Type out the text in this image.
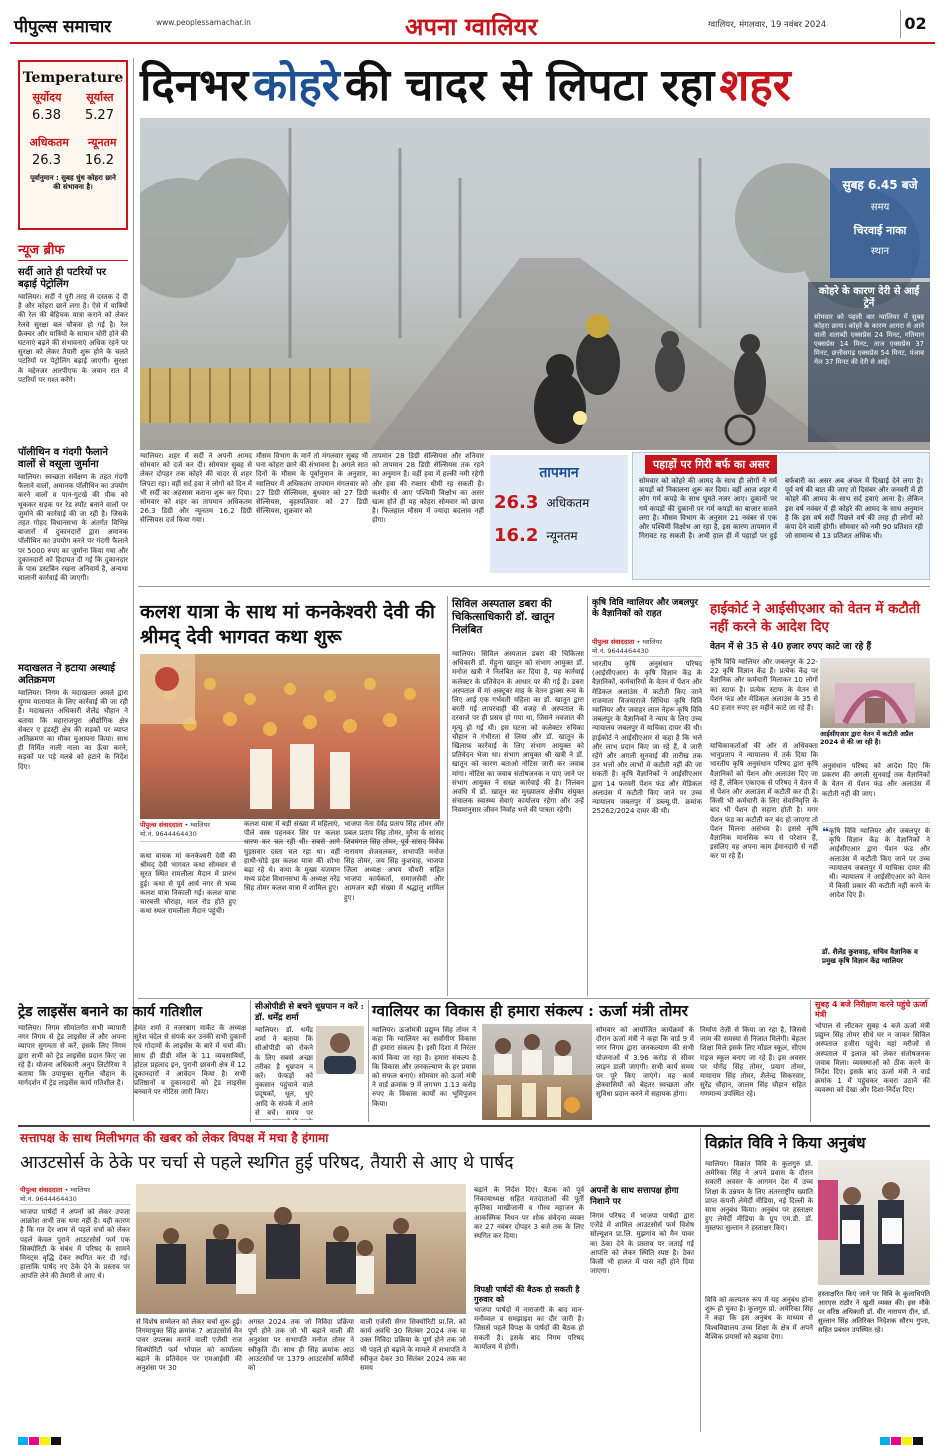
पीपुल्स समाचार	www.peoplessamachar.in	अपना ग्वालियर	ग्वालियर, मंगलवार, 19 नवंबर 2024	02
Temperature
सूर्योदय सूर्यास्त
6.38 5.27
अधिकतम न्यूनतम
26.3 16.2
पूर्वानुमान : सुबह धुंध कोहरा छाने की संभावना है।
न्यूज ब्रीफ
सर्दी आते ही पटरियों पर बढ़ाई पेट्रोलिंग
ग्वालियर। सर्दी ने पूरी तरह से दस्तक दे दी है और कोहरा छाने लगा है। ऐसे में यात्रियों की रेल की बेहिचक यात्रा कराने को लेकर रेलवे सुरक्षा बल चौकस हो गई है। रेल फ्रैक्चर और यात्रियों के सामान चोरी होने की घटनाएं बढ़ने की संभावनाएं अधिक रहने पर सुरक्षा को लेकर तैयारी शुरू होने के चलते पटरियों पर पेट्रोलिंग बढ़ाई जाएगी। सुरक्षा के मद्देनजर आरपीएफ के जवान रात में पटरियों पर गश्त करेंगे।
पॉलीथिन व गंदगी फैलाने वालों से वसूला जुर्माना
ग्वालियर। स्वच्छता सर्वेक्षण के तहत गंदगी फैलाने वालों, अमानक पॉलीथिन का उपयोग करने वालों व पान-गुटखे की पीक को थूककर सड़क पर रेड स्पॉट बनाने वालों पर जुर्माने की कार्रवाई की जा रही है। जिसके तहत गोहद विधानसभा के अंतर्गत विभिन्न बाजारों में दुकानदारों द्वारा अमानक पॉलीथिन का उपयोग करने पर गंदगी फैलाने पर 5000 रुपए का जुर्माना किया गया और दुकानदारों को हिदायत दी गई कि दुकानदार के पास डस्टबिन रखना अनिवार्य है, अन्यथा चालानी कार्रवाई की जाएगी।
मदाखलत ने हटाया अस्थाई अतिक्रमण
ग्वालियर। निगम के मदाखलत अमले द्वारा सुगम यातायात के लिए कार्रवाई की जा रही है। मदाखलत अधिकारी शैलेंद्र चौहान ने बताया कि महाराजपुरा औद्योगिक क्षेत्र सेक्टर ए इंडस्ट्री क्षेत्र की सड़कों पर व्याप्त अतिक्रमण का मौका मुआयना किया। साथ ही निर्मित नाली नाला का ऊँचा करने, सड़कों पर पड़े मलबे को हटाने के निर्देश दिए।
दिनभर कोहरे की चादर से लिपटा रहा शहर
सुबह 6.45 बजे
समय
चिरवाई नाका
स्थान
कोहरे के कारण देरी से आईं ट्रेनें
सोमवार को पहली बार ग्वालियर में सुबह कोहरा छाया। कोहरे के कारण आगरा से आने वाली शताब्दी एक्सप्रेस 24 मिनट, गतिमान एक्सप्रेस 14 मिनट, ताज एक्सप्रेस 37 मिनट, छत्तीसगढ़ एक्सप्रेस 54 मिनट, पंजाब मेल 37 मिनट की देरी से आई।
ग्वालियर। शहर में सर्दी ने अपनी आमद सोमवार को दर्ज कर दी। सोमवार सुबह से लेकर दोपहर तक कोहरे की चादर से शहर लिपटा रहा। वहीं सर्द हवा ने लोगों को दिन में भी सर्दी का अहसास कराना शुरू कर दिया। सोमवार को शहर का तापमान अधिकतम 26.3 डिग्री और न्यूनतम 16.2 डिग्री सेल्सियस दर्ज किया गया।
मौसम विभाग के मानें तो मंगलवार सुबह भी घना कोहरा छाने की संभावना है। अगले सात दिनों के मौसम के पूर्वानुमान के अनुसार, ग्वालियर में अधिकतम तापमान मंगलवार को 27 डिग्री सेल्सियस, बुधवार को 27 डिग्री सेल्सियस, बृहस्पतिवार को 27 डिग्री सेल्सियस, शुक्रवार को
तापमान 28 डिग्री सेल्सियस और शनिवार को तापमान 28 डिग्री सेल्सियस तक रहने का अनुमान है। वहीं हवा में हल्की नमी रहेगी और हवा की रफ्तार धीमी रह सकती है। कश्मीर से आए पश्चिमी विक्षोभ का असर खत्म होते ही यह कोहरा सोमवार को छाया है। फिलहाल मौसम में ज्यादा बदलाव नहीं होगा।
तापमान
26.3 अधिकतम
16.2 न्यूनतम
पहाड़ों पर गिरी बर्फ का असर
सोमवार को कोहरे की आमद के साथ ही लोगों ने गर्म कपड़ों को निकालना शुरू कर दिया। वहीं आज शहर में लोग गर्म कपड़े के साथ घूमते नजर आए। दुकानों पर गर्म कपड़ों की दुकानों पर गर्म कपड़ों का बाजार सजने लगा है। मौसम विभाग के अनुसार 21 नवंबर से एक और पश्चिमी विक्षोभ आ रहा है, इस कारण तापमान में गिरावट रह सकती है। अभी हाल ही में पहाड़ों पर हुई बर्फबारी का असर अब अंचल में दिखाई देने लगा है। पूर्व वर्ष की बात की जाए तो दिसंबर और जनवरी में ही कोहरे की आमद के साथ सर्द हवाएं आना है। लेकिन इस वर्ष नवंबर में ही कोहरे की आमद के साथ अनुमान है कि इस वर्ष सर्दी पिछले वर्ष की तरह ही लोगों को कंपा देने वाली होगी। सोमवार को नमी 90 प्रतिशत रही जो सामान्य से 13 प्रतिशत अधिक थी।
कलश यात्रा के साथ मां कनकेश्वरी देवी की श्रीमद् देवी भागवत कथा शुरू
पीपुल्स संवाददाता • ग्वालियर
मो.नं. 9644464430
कथा वाचक मां कनकेश्वरी देवी की श्रीमद् देवी भागवत कथा सोमवार से सूरत स्थित रामलीला मैदान में प्रारंभ हुई। कथा से पूर्व आर्य नगर से भव्य कलश यात्रा निकाली गई। कलश यात्रा चारबत्ती चौराहा, माल रोड होते हुए कथा स्थल रामलीला मैदान पहुंची।
कलश यात्रा में बड़ी संख्या में महिलाएं, पीले वस्त्र पहनकर सिर पर कलश धारण कर चल रही थीं। सबसे आगे घुड़सवार दस्ता चल रहा था। वहीं हाथी-घोड़े इस कलश यात्रा की शोभा बढ़ा रहे थे। कथा के मुख्य यजमान मध्य प्रदेश विधानसभा के अध्यक्ष नरेंद्र सिंह तोमर कलश यात्रा में शामिल हुए।
भाजपा नेता देवेंद्र प्रताप सिंह तोमर और प्रबल प्रताप सिंह तोमर, मुरैना के सांसद शिवमंगल सिंह तोमर, पूर्व सांसद विवेक नारायण शेजवलकर, सभापति मनोज सिंह तोमर, जय सिंह कुशवाह, भाजपा जिला अध्यक्ष अभय चौधरी सहित भाजपा कार्यकर्ता, समाजसेवी और आमजन बड़ी संख्या में श्रद्धालु शामिल हुए।
सिविल अस्पताल डबरा की चिकित्साधिकारी डॉ. खातून निलंबित
ग्वालियर। सिविल अस्पताल डबरा की चिकित्सा अधिकारी डॉ. मेहुना खातून को संभाग आयुक्त डॉ. मनोज खत्री ने निलंबित कर दिया है, यह कार्रवाई कलेक्टर के प्रतिवेदन के आधार पर की गई है। डबरा अस्पताल में मां अक्टूबर माह के वेतन ड्राक्स रूम के लिए आई एक गर्भवती महिला का डॉ. खातून द्वारा बरती गई लापरवाही की वजह से अस्पताल के दरवाजे पर ही प्रसव हो गया था, जिसने नवजात की मृत्यु हो गई थी। इस घटना को कलेक्टर रुचिका चौहान ने गंभीरता से लिया और डॉ. खातून के खिलाफ कार्रवाई के लिए संभाग आयुक्त को प्रतिवेदन भेजा था। संभाग आयुक्त श्री खत्री ने डॉ. खातून को कारण बताओ नोटिस जारी कर जवाब मांगा। नोटिस का जवाब संतोषजनक न पाए जाने पर संभाग आयुक्त ने सख्त कार्रवाई की है। निलंबन अवधि में डॉ. खातून का मुख्यालय क्षेत्रीय संयुक्त संचालक स्वास्थ्य सेवाएं कार्यालय रहेगा और उन्हें नियमानुसार जीवन निर्वाह भत्ते की पात्रता रहेगी।
कृषि विवि ग्वालियर और जबलपुर के वैज्ञानिकों को राहत
पीपुल्स संवाददाता • ग्वालियर
मो.नं. 9644464430
भारतीय कृषि अनुसंधान परिषद (आईसीएआर) के कृषि विज्ञान केंद्र के वैज्ञानिकों, कर्मचारियों के वेतन में पेंशन और मेडिकल अलाउंस में कटौती किए जाने राजमाता विजयाराजे सिंधिया कृषि विवि ग्वालियर और जवाहर लाल नेहरू कृषि विवि जबलपुर के वैज्ञानिकों ने न्याय के लिए उच्च न्यायालय जबलपुर में याचिका दायर की थी। हाईकोर्ट ने आईसीएआर से कहा है कि भत्ते और लाभ प्रदान किए जा रहे हैं, वे जारी रहेंगे और अगली सुनवाई की तारीख तक उन भत्तों और लाभों में कटौती नहीं की जा सकती है। कृषि वैज्ञानिकों ने आईसीएआर द्वारा 14 फरवरी पेंशन फंड और मेडिकल अलाउंस में कटौती किए जाने पर उच्च न्यायालय जबलपुर में डब्ल्यू.पी. क्रमांक 25262/2024 दायर की थी।
हाईकोर्ट ने आईसीएआर को वेतन में कटौती नहीं करने के आदेश दिए
वेतन में से 35 से 40 हजार रुपए काटे जा रहे हैं
कृषि विवि ग्वालियर और जबलपुर के 22-22 कृषि विज्ञान केंद्र हैं। प्रत्येक केंद्र पर वैज्ञानिक और कर्मचारी मिलाकर 10 लोगों का स्टाफ है। प्रत्येक स्टाफ के वेतन से पेंशन फंड और मेडिकल अलाउंस के 35 से 40 हजार रुपए हर महीने काटे जा रहे हैं।
आईसीएआर द्वारा वेतन में कटौती अप्रैल 2024 से की जा रही है।
याचिकाकर्ताओं की ओर से अधिवक्ता भानुप्रताप ने न्यायालय में तर्क दिया कि भारतीय कृषि अनुसंधान परिषद द्वारा कृषि वैज्ञानिकों को पेंशन और अलाउंस दिए जा रहे हैं, लेकिन एकाएक से परिषद ने वेतन में से पेंशन और अलाउंस में कटौती कर दी है। किसी भी कर्मचारी के लिए सेवानिवृत्ति के बाद भी पेंशन ही सहारा होती है। मगर पेंशन फंड का कटौती कर बंद हो जाएगा तो पेंशन मिलना असंभव है। इससे कृषि वैज्ञानिक मानसिक रूप से परेशान हैं, इसलिए वह अपना काम ईमानदारी से नहीं कर पा रहे हैं।
अनुसंधान परिषद को आदेश दिए कि प्रकरण की अगली सुनवाई तक वैज्ञानिकों के वेतन से पेंशन फंड और अलाउंस में कटौती नहीं की जाए।
❝ कृषि विवि ग्वालियर और जबलपुर के कृषि विज्ञान केंद्र के वैज्ञानिकों ने आईसीएआर द्वारा पेंशन फंड और अलाउंस में कटौती किए जाने पर उच्च न्यायालय जबलपुर में याचिका दायर की थी। न्यायालय ने आईसीएआर को वेतन में किसी प्रकार की कटौती नहीं करने के आदेश दिए हैं।
डॉ. शैलेंद्र कुशवाह, सचिव वैज्ञानिक व प्रमुख कृषि विज्ञान केंद्र ग्वालियर
ट्रेड लाइसेंस बनाने का कार्य गतिशील
ग्वालियर। निगम सीमांतर्गत सभी व्यापारी नगर निगम से ट्रेड लाइसेंस लें और अपना व्यापार सुगमता से करें, इसके लिए निगम द्वारा सभी को ट्रेड लाइसेंस प्रदान किए जा रहे हैं। योजना अधिकारी अनुप लिटोरिया ने बताया कि उपायुक्त सुनील चौहान के मार्गदर्शन में ट्रेड लाइसेंस कार्य गतिशील है।
हेमंत शर्मा ने नजरबाग मार्केट के अध्यक्ष सुरेश चंदेल से संपर्क कर उनकी सभी दुकानों एवं गोदामों के लाइसेंस के बारे में चर्चा की। साथ ही डीडी मॉल के 11 व्यवसायियों, होटल प्रहलाद इन, पुरानी छावनी क्षेत्र में 12 दुकानदारों ने आवेदन किया है। सभी प्रतिष्ठानों व दुकानदारों को ट्रेड लाइसेंस बनवाने पर नोटिस जारी किए।
सीओपीडी से बचने धूम्रपान न करें : डॉ. धर्मेंद्र शर्मा
ग्वालियर। डॉ. धर्मेंद्र शर्मा ने बताया कि सीओपीडी को रोकने के लिए सबसे अच्छा तरीका है धूम्रपान न करें। फेफड़ों को नुकसान पहुंचाने वाले प्रदूषकों, धूल, धुएं आदि के संपर्क में आने से बचें। समय पर
ग्वालियर का विकास ही हमारा संकल्प : ऊर्जा मंत्री तोमर
ग्वालियर। ऊर्जामंत्री प्रद्युम्न सिंह तोमर ने कहा कि ग्वालियर का सर्वांगीण विकास ही हमारा संकल्प है। इसी दिशा में निरंतर कार्य किया जा रहा है। हमारा संकल्प है कि विकास और जनकल्याण के हर प्रयास को सफल बनाएं। सोमवार को ऊर्जा मंत्री ने वार्ड क्रमांक 9 में लगभग 1.13 करोड़ रुपए के विकास कार्यों का भूमिपूजन किया।
सोमवार को आयोजित कार्यक्रमों के दौरान ऊर्जा मंत्री ने कहा कि वार्ड 9 में नगर निगम द्वारा जनकल्याण की सभी योजनाओं में 3.96 करोड़ से सीवर लाइन डाली जाएगी। सभी कार्य समय पर पूरे किए जाएंगे। यह कार्य क्षेत्रवासियों को बेहतर स्वच्छता और सुविधा प्रदान करने में सहायक होगा।
निर्माण तेजी से किया जा रहा है, जिससे जाम की समस्या से निजात मिलेगी। बेहतर शिक्षा मिले इसके लिए मॉडल स्कूल, सीएम राइज स्कूल बनाए जा रहे हैं। इस अवसर पर योगेंद्र सिंह तोमर, प्रयाग तोमर, मायाराम सिंह तोमर, शैलेन्द्र सिकरवार, सुरेंद्र चौहान, जालम सिंह चौहान सहित गणमान्य उपस्थित रहे।
सुबह 4 बजे निरीक्षण करने पहुंचे ऊर्जा मंत्री
भोपाल से लौटकर सुबह 4 बजे ऊर्जा मंत्री प्रद्युम्न सिंह तोमर सीधे घर न जाकर सिविल अस्पताल हजीरा पहुंचे। यहां मरीजों से अस्पताल में इलाज को लेकर संतोषजनक जवाब मिला। व्यवस्थाओं को ठीक करने के निर्देश दिए। इसके बाद ऊर्जा मंत्री ने वार्ड क्रमांक 1 में पहुंचकर कचरा उठाने की व्यवस्था को देखा और दिशा-निर्देश दिए।
सत्तापक्ष के साथ मिलीभगत की खबर को लेकर विपक्ष में मचा है हंगामा
आउटसोर्स के ठेके पर चर्चा से पहले स्थगित हुई परिषद, तैयारी से आए थे पार्षद
पीपुल्स संवाददाता • ग्वालियर
मो.नं. 9644464430
भाजपा पार्षदों ने अपनों को लेकर उपजा आक्रोश अभी तक थमा नहीं है। यही कारण है कि गत देर शाम से पहले चर्चा को लेकर पहले केवल पुराने आउटसोर्स फर्म एक सिक्योरिटी के संबंध में परिषद के सामने मिनट्स वृद्धि देकर स्थगित कर दी गई। हालांकि पार्षद नए ठेके देने के प्रस्ताव पर आपत्ति लेने की तैयारी से आए थे।
से विशेष सम्मेलन को लेकर चर्चा शुरू हुई। निगमायुक्त सिंह क्रमांक 7 आउटसोर्स मैन पावर उपलब्ध कराने वाली एजेंसी राज सिक्योरिटी फर्म भोपाल को कार्यालय बढ़ाने के प्रतिवेदन पर एमआईसी की अनुशंसा पर 30
अगस्त 2024 तक जो निविदा प्रक्रिया पूर्ण होने तक जो भी बढ़ाने वाली की अनुशंसा पर सभापति मनोज तोमर ने स्वीकृति दी। साथ ही सिंह क्रमांक आठ आउटसोर्स पर 1379 आउटसोर्स कर्मियों को
वाली एजेंसी सेंगर सिक्योरिटी प्रा.लि. को कार्य अवधि 30 सितंबर 2024 तक या उक्त निविदा प्रक्रिया के पूर्ण होने तक जो भी पहले हो बढ़ाने के मामले में सभापति ने स्वीकृत देकर 30 सितंबर 2024 तक का समय
बढ़ाने के निर्देश दिए। बैठक को पूर्व निकायाध्यक्ष सहित मतदाताओं की पूर्ती कृतिका माखीजानी व गौरव महाजन के आकस्मिक निधन पर शोक संवेदना व्यक्त कर 27 नवंबर दोपहर 3 बजे तक के लिए स्थगित कर दिया।
विपक्षी पार्षदों की बैठक हो सकती है गुरुवार को
भाजपा पार्षदों में नाराजगी के बाद मान-मनौव्वल व समझाइश का दौर जारी है। जिससे पहले विपक्ष के पार्षदों की बैठक हो सकती है। इसके बाद निगम परिषद कार्यालय में होगी।
अपनों के साथ सत्तापक्ष होगा निशाने पर
निगम परिषद में भाजपा पार्षदों द्वारा एजेंडे में शामिल आउटसोर्स फर्म विशेष सोल्यूशन प्रा.लि. मुझगांव को मैन पावर का ठेका देने के प्रस्ताव पर जताई गई आपत्ति को लेकर स्थिति स्पष्ट है। ठेका किसी भी हालत में पास नहीं होने दिया जाएगा।
विक्रांत विवि ने किया अनुबंध
ग्वालियर। विक्रांत विवि के कुलगुरु प्रो. अमेरिका सिंह ने अपने प्रवास के दौरान सकारी अवसर के आगमन देश में उच्च शिक्षा के उन्नयन के लिए अंतरराष्ट्रीय ख्याति प्राप्त कंपनी लेमेर्दी मीडिया, नई दिल्ली के साथ अनुबंध किया। अनुबंध पर हस्ताक्षर हुए लेमेर्दी मीडिया के ग्रुप एम.डी. डॉ. मुस्तफा सुल्तान ने हस्ताक्षर किए।
विवि को कल्पतरु रूप में यह अनुबंध होना शुरू हो चुका है। कुलगुरु प्रो. अमेरिका सिंह ने कहा कि इस अनुबंध के माध्यम से विश्वविद्यालय उच्च शिक्षा के क्षेत्र में अपने वैश्विक प्रयासों को बढ़ावा देगा।
हस्ताक्षरित किए जाने पर विवि के कुलाधिपति आरएस राठौर ने खुशी व्यक्त की। इस मौके पर वरिष्ठ अधिकारी डॉ. वीर नारायण दीन, डॉ. सुल्तान सिंह अतिरिक्त निदेशक सौरभ गुप्ता, सहित प्रबंधन उपस्थित रहे।
